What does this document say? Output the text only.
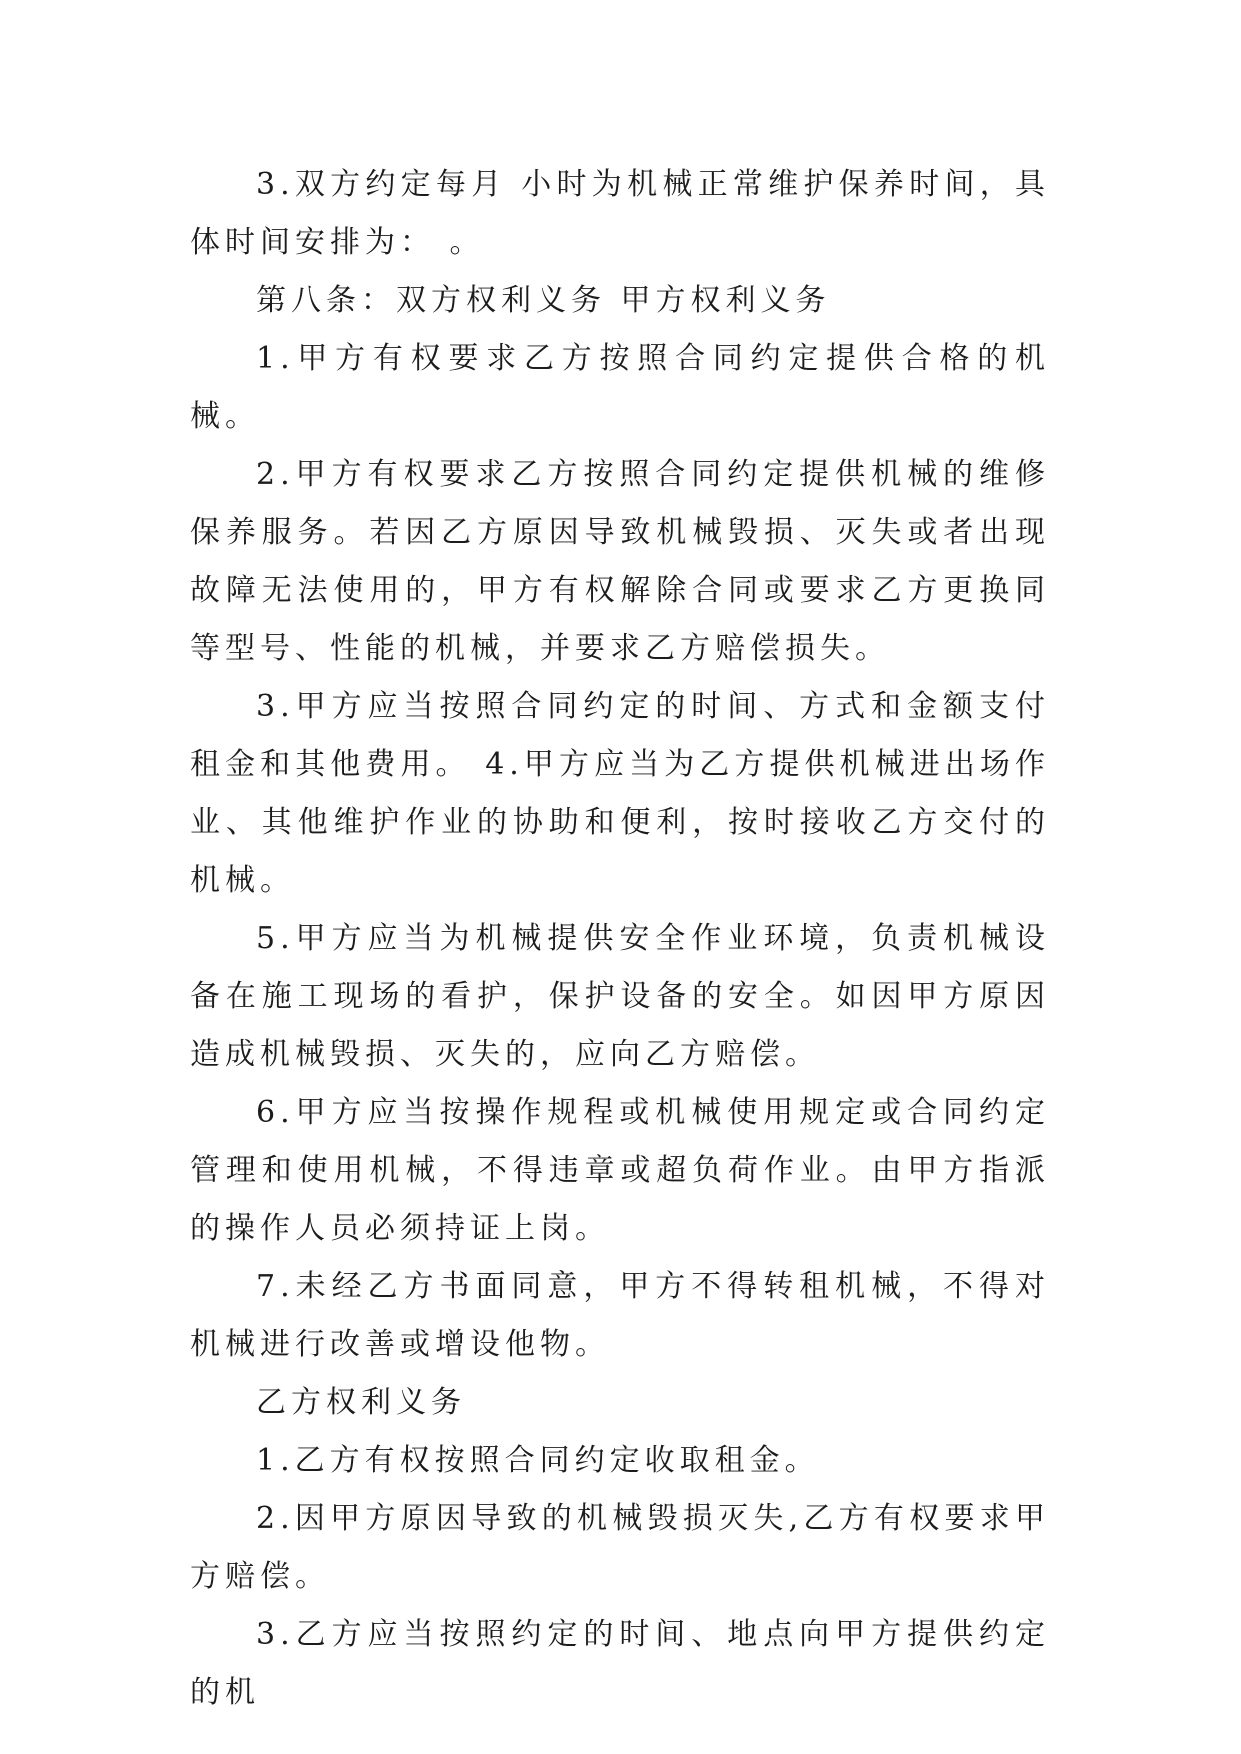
3.双方约定每月 小时为机械正常维护保养时间，具体时间安排为： 。

第八条：双方权利义务 甲方权利义务

1.甲方有权要求乙方按照合同约定提供合格的机械。

2.甲方有权要求乙方按照合同约定提供机械的维修保养服务。若因乙方原因导致机械毁损、灭失或者出现故障无法使用的，甲方有权解除合同或要求乙方更换同等型号、性能的机械，并要求乙方赔偿损失。

3.甲方应当按照合同约定的时间、方式和金额支付租金和其他费用。 4.甲方应当为乙方提供机械进出场作业、其他维护作业的协助和便利，按时接收乙方交付的机械。

5.甲方应当为机械提供安全作业环境，负责机械设备在施工现场的看护，保护设备的安全。如因甲方原因造成机械毁损、灭失的，应向乙方赔偿。

6.甲方应当按操作规程或机械使用规定或合同约定管理和使用机械，不得违章或超负荷作业。由甲方指派的操作人员必须持证上岗。

7.未经乙方书面同意，甲方不得转租机械，不得对机械进行改善或增设他物。

乙方权利义务

1.乙方有权按照合同约定收取租金。

2.因甲方原因导致的机械毁损灭失,乙方有权要求甲方赔偿。

3.乙方应当按照约定的时间、地点向甲方提供约定的机
